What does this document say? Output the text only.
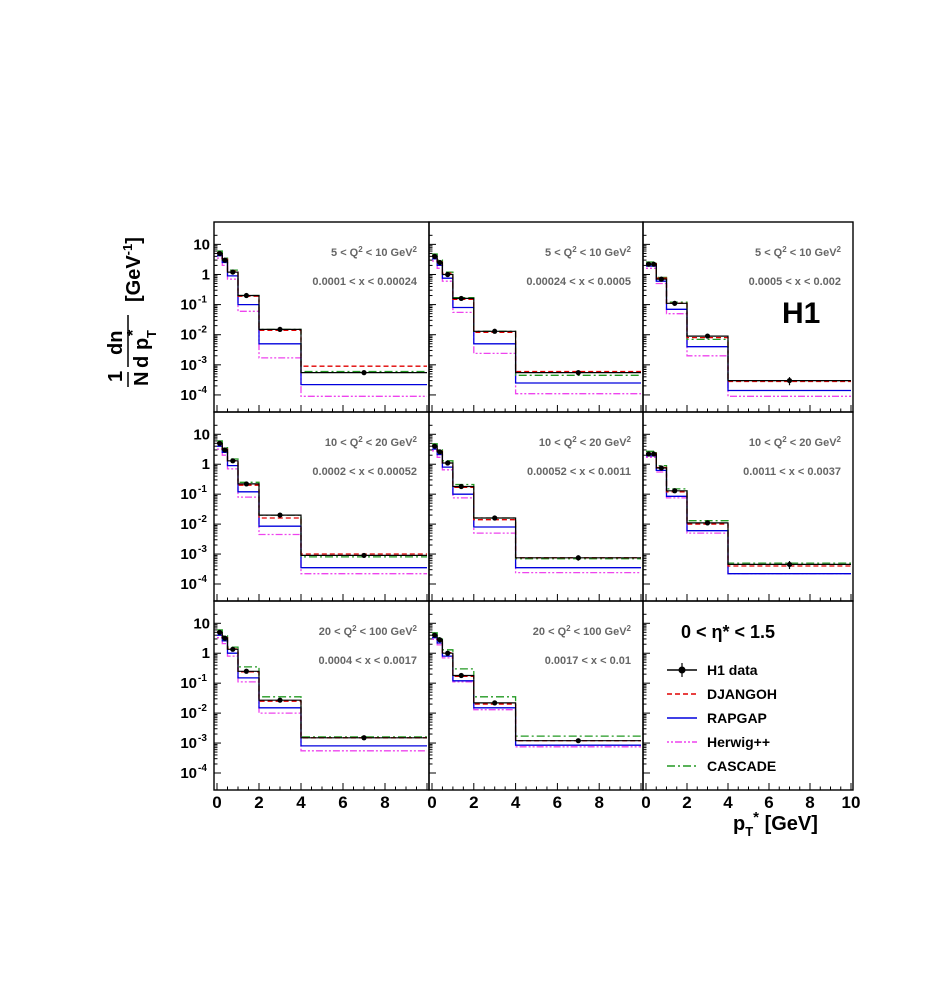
10 -4
10 -3
10 -2
10 -1
1
10	$5 < Q^2 < 10$ GeV$^2$
0.0001 < x < 0.00024
$5 < Q^2 < 10$ GeV$^2$
0.00024 < x < 0.0005
$5 < Q^2 < 10$ GeV$^2$
0.0005 < x < 0.002
10 -4
10 -3
10 -2
10 -1
1
10	$10 < Q^2 < 20$ GeV$^2$
0.0002 < x < 0.00052
$10 < Q^2 < 20$ GeV$^2$
0.00052 < x < 0.0011
$10 < Q^2 < 20$ GeV$^2$
0.0011 < x < 0.0037
10 -4
10 -3
10 -2
10 -1
1
10	$20 < Q^2 < 100$ GeV$^2$
0.0004 < x < 0.0017
$20 < Q^2 < 100$ GeV$^2$
0.0017 < x < 0.01
0 2 4 6 8 0 2 4 6 8 0 2 4 6 8 10
0 < η* < 1.5
H1 data
DJANGOH
RAPGAP
Herwig++
CASCADE
1 N
dn
d
p
T
*
[GeV$^{-1}$]
$p_T^*$ [GeV]
H1
